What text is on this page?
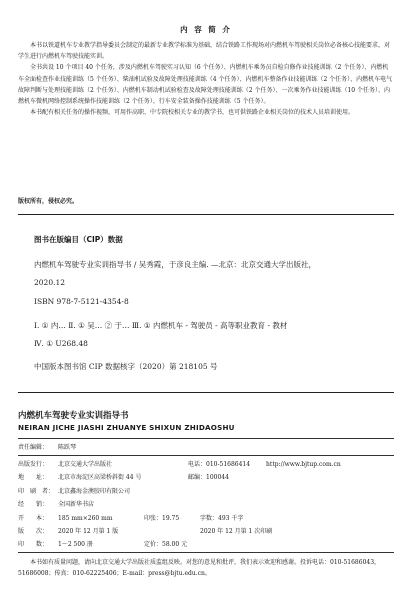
内 容 简 介

本书以铁道机车专业教学指导委员会制定的最新专业教学标准为基础，结合铁路工作现场对内燃机车驾驶相关岗位必备核心技能要求，对学生进行内燃机车驾驶技能实训。

全书共设 10 个项目 40 个任务，涉及内燃机车驾驶实习认知（6 个任务）、内燃机车乘务员自检自修作业技能训练（2 个任务）、内燃机车全面检查作业技能训练（5 个任务）、柴油机试验及故障处理技能训练（4 个任务）、内燃机车整备作业技能训练（2 个任务）、内燃机车电气故障判断与处理技能训练（2 个任务）、内燃机车制动机试验检查及故障处理技能训练（2 个任务）、一次乘务作业技能训练（10 个任务）、内燃机车微机网络控制系统操作技能训练（2 个任务）、行车安全装备操作技能训练（5 个任务）。

本书配有相关任务的操作视频，可用作高职、中专院校相关专业的教学书，也可供铁路企业相关岗位的技术人员培训使用。

版权所有，侵权必究。
图书在版编目（CIP）数据
内燃机车驾驶专业实训指导书 / 吴秀霞，于彦良主编. —北京：北京交通大学出版社，
2020.12
ISBN 978-7-5121-4354-8
Ⅰ. ① 内… Ⅱ. ① 吴… ② 于… Ⅲ. ① 内燃机车 - 驾驶员 - 高等职业教育 - 教材
Ⅳ. ① U268.48
中国版本图书馆 CIP 数据核字（2020）第 218105 号
内燃机车驾驶专业实训指导书
NEIRAN JICHE JIASHI ZHUANYE SHIXUN ZHIDAOSHU
责任编辑： 陈跃琴
出版发行： 北京交通大学出版社	电话：010-51686414	http://www.bjtup.com.cn
地　　址： 北京市海淀区高梁桥斜街 44 号	邮编：100044
印　刷　者： 北京鑫海金澳胶印有限公司
经　　销： 全国新华书店
开　　本： 185 mm×260 mm	印张：19.75	字数：493 千字
版　　次： 2020 年 12 月第 1 版	2020 年 12 月第 1 次印刷
印　　数： 1～2 500 册	定价：58.00 元
本书如有质量问题，请向北京交通大学出版社质监组反映。对您的意见和批评，我们表示欢迎和感谢。投诉电话：010-51686043，51686008；传真：010-62225406；E-mail：press@bjtu.edu.cn。
